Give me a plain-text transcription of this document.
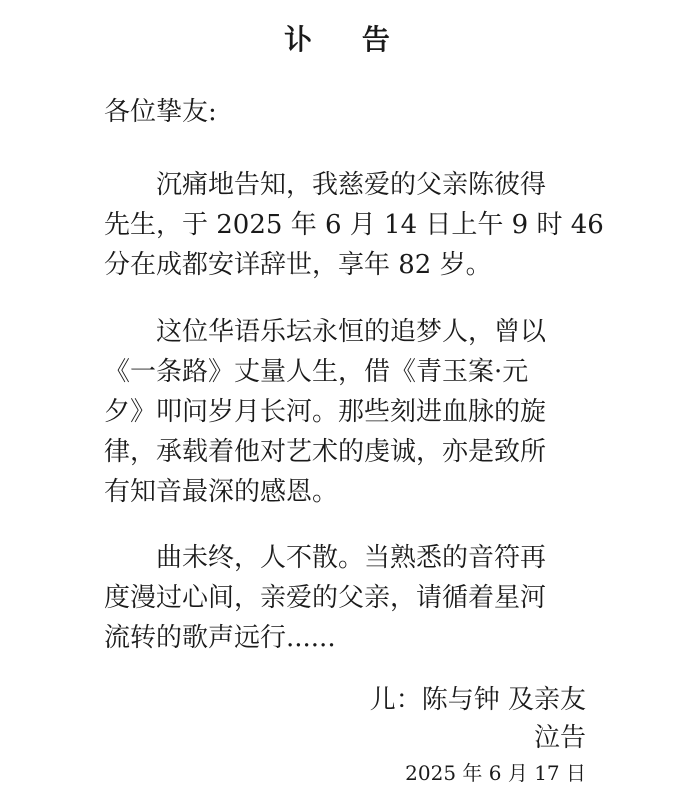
讣 告
各位挚友:
沉痛地告知，我慈爱的父亲陈彼得
先生，于 2025 年 6 月 14 日上午 9 时 46
分在成都安详辞世，享年 82 岁。
这位华语乐坛永恒的追梦人，曾以
《一条路》丈量人生，借《青玉案·元
夕》叩问岁月长河。那些刻进血脉的旋
律，承载着他对艺术的虔诚，亦是致所
有知音最深的感恩。
曲未终，人不散。当熟悉的音符再
度漫过心间，亲爱的父亲，请循着星河
流转的歌声远行......
儿：陈与钟 及亲友
泣告
2025 年 6 月 17 日
